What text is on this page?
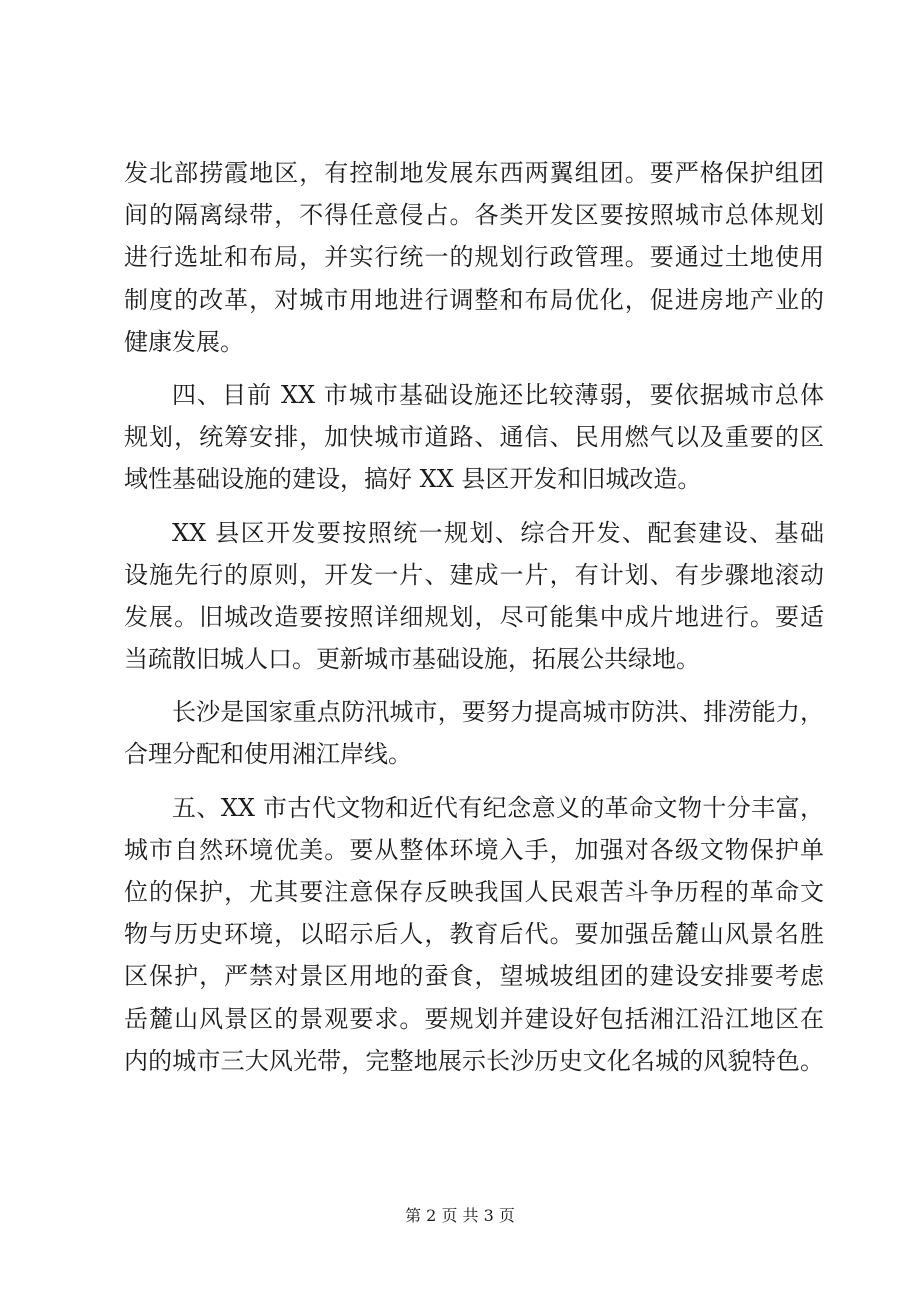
发北部捞霞地区，有控制地发展东西两翼组团。要严格保护组团
间的隔离绿带，不得任意侵占。各类开发区要按照城市总体规划
进行选址和布局，并实行统一的规划行政管理。要通过土地使用
制度的改革，对城市用地进行调整和布局优化，促进房地产业的
健康发展。
四、目前 XX 市城市基础设施还比较薄弱，要依据城市总体
规划，统筹安排，加快城市道路、通信、民用燃气以及重要的区
域性基础设施的建设，搞好 XX 县区开发和旧城改造。
XX 县区开发要按照统一规划、综合开发、配套建设、基础
设施先行的原则，开发一片、建成一片，有计划、有步骤地滚动
发展。旧城改造要按照详细规划，尽可能集中成片地进行。要适
当疏散旧城人口。更新城市基础设施，拓展公共绿地。
长沙是国家重点防汛城市，要努力提高城市防洪、排涝能力，
合理分配和使用湘江岸线。
五、XX 市古代文物和近代有纪念意义的革命文物十分丰富，
城市自然环境优美。要从整体环境入手，加强对各级文物保护单
位的保护，尤其要注意保存反映我国人民艰苦斗争历程的革命文
物与历史环境，以昭示后人，教育后代。要加强岳麓山风景名胜
区保护，严禁对景区用地的蚕食，望城坡组团的建设安排要考虑
岳麓山风景区的景观要求。要规划并建设好包括湘江沿江地区在
内的城市三大风光带，完整地展示长沙历史文化名城的风貌特色。
第 2 页 共 3 页
